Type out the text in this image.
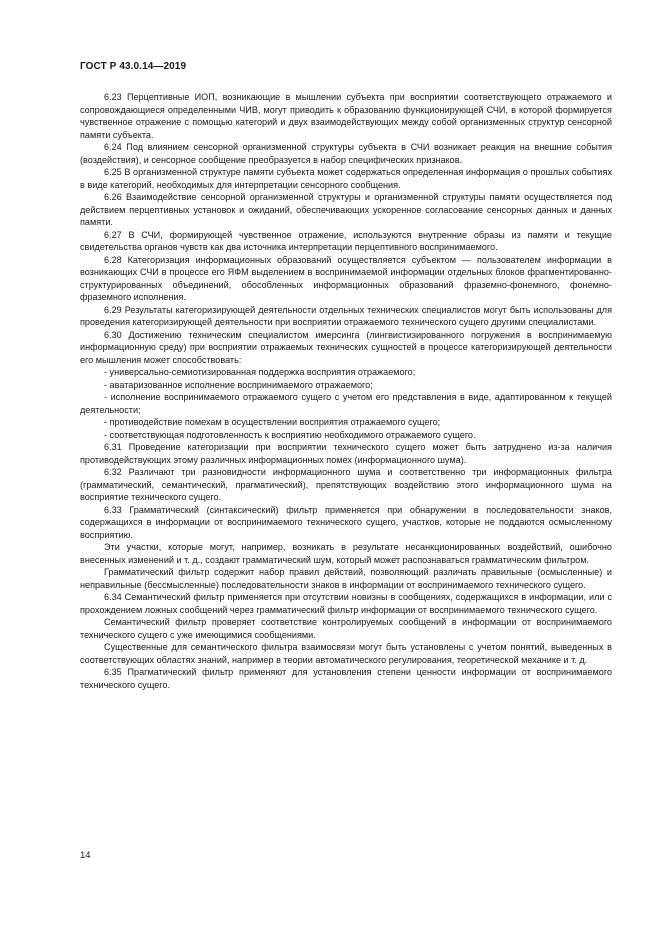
ГОСТ Р 43.0.14—2019

6.23 Перцептивные ИОП, возникающие в мышлении субъекта при восприятии соответствующего отражаемого и сопровождающиеся определенными ЧИВ, могут приводить к образованию функционирующей СЧИ, в которой формируется чувственное отражение с помощью категорий и двух взаимодействующих между собой организменных структур сенсорной памяти субъекта.

6.24 Под влиянием сенсорной организменной структуры субъекта в СЧИ возникает реакция на внешние события (воздействия), и сенсорное сообщение преобразуется в набор специфических признаков.

6.25 В организменной структуре памяти субъекта может содержаться определенная информация о прошлых событиях в виде категорий, необходимых для интерпретации сенсорного сообщения.

6.26 Взаимодействие сенсорной организменной структуры и организменной структуры памяти осуществляется под действием перцептивных установок и ожиданий, обеспечивающих ускоренное согласование сенсорных данных и данных памяти.

6.27 В СЧИ, формирующей чувственное отражение, используются внутренние образы из памяти и текущие свидетельства органов чувств как два источника интерпретации перцептивного воспринимаемого.

6.28 Категоризация информационных образований осуществляется субъектом — пользователем информации в возникающих СЧИ в процессе его ЯФМ выделением в воспринимаемой информации отдельных блоков фрагментированно-структурированных объединений, обособленных информационных образований фраземно-фонемного, фонемно-фраземного исполнения.

6.29 Результаты категоризирующей деятельности отдельных технических специалистов могут быть использованы для проведения категоризирующей деятельности при восприятии отражаемого технического сущего другими специалистами.

6.30 Достижению техническим специалистом имерсинга (лингвистизированного погружения в воспринимаемую информационную среду) при восприятии отражаемых технических сущностей в процессе категоризирующей деятельности его мышления может способствовать:

- универсально-семиотизированная поддержка восприятия отражаемого;

- аватаризованное исполнение воспринимаемого отражаемого;

- исполнение воспринимаемого отражаемого сущего с учетом его представления в виде, адаптированном к текущей деятельности;

- противодействие помехам в осуществлении восприятия отражаемого сущего;

- соответствующая подготовленность к восприятию необходимого отражаемого сущего.

6.31 Проведение категоризации при восприятии технического сущего может быть затруднено из-за наличия противодействующих этому различных информационных помех (информационного шума).

6.32 Различают три разновидности информационного шума и соответственно три информационных фильтра (грамматический, семантический, прагматический), препятствующих воздействию этого информационного шума на восприятие технического сущего.

6.33 Грамматический (синтаксический) фильтр применяется при обнаружении в последовательности знаков, содержащихся в информации от воспринимаемого технического сущего, участков, которые не поддаются осмысленному восприятию.

Эти участки, которые могут, например, возникать в результате несанкционированных воздействий, ошибочно внесенных изменений и т. д., создают грамматический шум, который может распознаваться грамматическим фильтром.

Грамматический фильтр содержит набор правил действий, позволяющий различать правильные (осмысленные) и неправильные (бессмысленные) последовательности знаков в информации от воспринимаемого технического сущего.

6.34 Семантический фильтр применяется при отсутствии новизны в сообщениях, содержащихся в информации, или с прохождением ложных сообщений через грамматический фильтр информации от воспринимаемого технического сущего.

Семантический фильтр проверяет соответствие контролируемых сообщений в информации от воспринимаемого технического сущего с уже имеющимися сообщениями.

Существенные для семантического фильтра взаимосвязи могут быть установлены с учетом понятий, выведенных в соответствующих областях знаний, например в теории автоматического регулирования, теоретической механике и т. д.

6.35 Прагматический фильтр применяют для установления степени ценности информации от воспринимаемого технического сущего.

14
